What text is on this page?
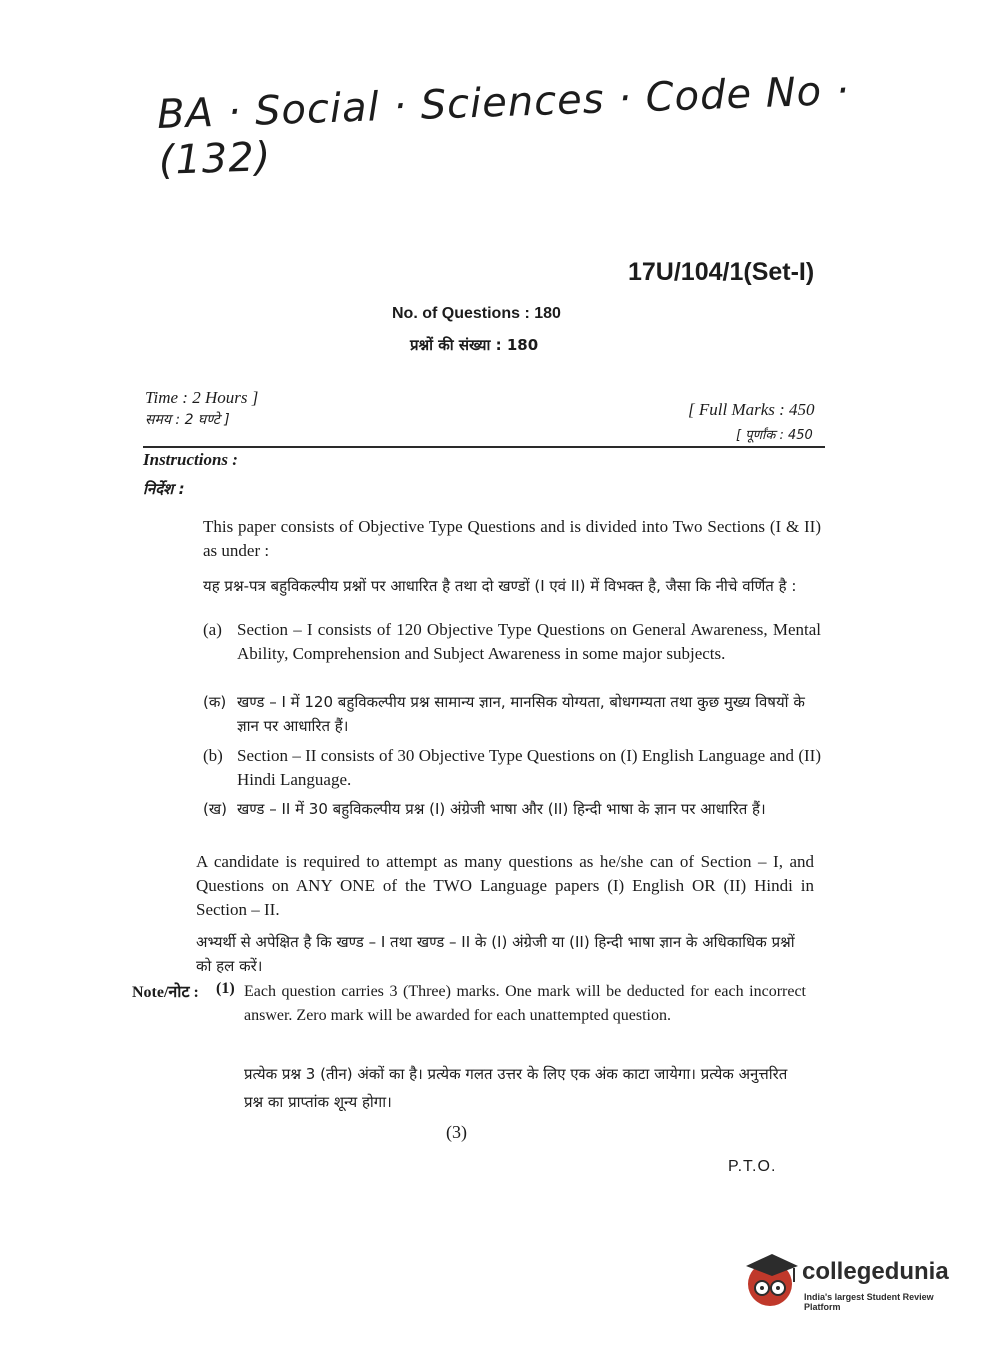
BA · Social · Sciences · Code No · (132)
17U/104/1(Set-I)
No. of Questions : 180
प्रश्नों की संख्या : 180
Time : 2 Hours ]
समय : 2 घण्टे ]
[ Full Marks : 450
[ पूर्णांक : 450
Instructions :
निर्देश :
This paper consists of Objective Type Questions and is divided into Two Sections (I & II) as under :
यह प्रश्न-पत्र बहुविकल्पीय प्रश्नों पर आधारित है तथा दो खण्डों (I एवं II) में विभक्त है, जैसा कि नीचे वर्णित है :
(a) Section – I consists of 120 Objective Type Questions on General Awareness, Mental Ability, Comprehension and Subject Awareness in some major subjects.
(क) खण्ड – I में 120 बहुविकल्पीय प्रश्न सामान्य ज्ञान, मानसिक योग्यता, बोधगम्यता तथा कुछ मुख्य विषयों के ज्ञान पर आधारित हैं।
(b) Section – II consists of 30 Objective Type Questions on (I) English Language and (II) Hindi Language.
(ख) खण्ड – II में 30 बहुविकल्पीय प्रश्न (I) अंग्रेजी भाषा और (II) हिन्दी भाषा के ज्ञान पर आधारित हैं।
A candidate is required to attempt as many questions as he/she can of Section – I, and Questions on ANY ONE of the TWO Language papers (I) English OR (II) Hindi in Section – II.
अभ्यर्थी से अपेक्षित है कि खण्ड – I तथा खण्ड – II के (I) अंग्रेजी या (II) हिन्दी भाषा ज्ञान के अधिकाधिक प्रश्नों को हल करें।
Note/नोट : (1) Each question carries 3 (Three) marks. One mark will be deducted for each incorrect answer. Zero mark will be awarded for each unattempted question.
प्रत्येक प्रश्न 3 (तीन) अंकों का है। प्रत्येक गलत उत्तर के लिए एक अंक काटा जायेगा। प्रत्येक अनुत्तरित प्रश्न का प्राप्तांक शून्य होगा।
(3)
P.T.O.
collegedunia
India's largest Student Review Platform
